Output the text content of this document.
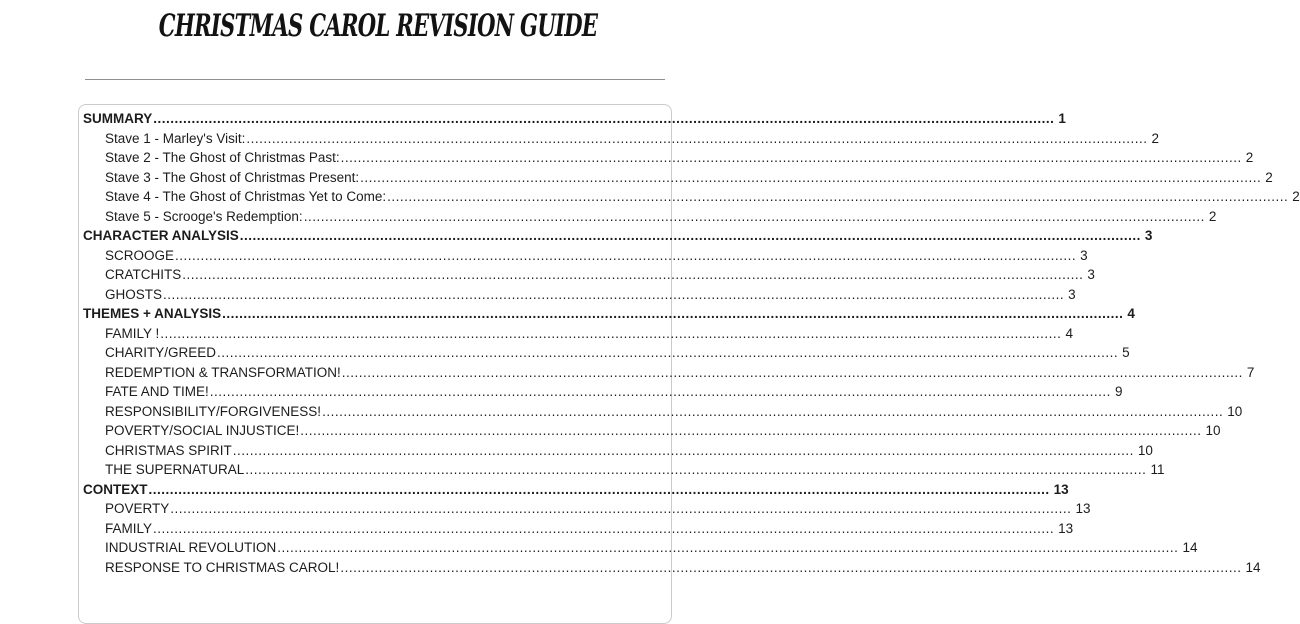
CHRISTMAS CAROL REVISION GUIDE
SUMMARY .....	1
Stave 1 - Marley's Visit: .....	2
Stave 2 - The Ghost of Christmas Past: .....	2
Stave 3 - The Ghost of Christmas Present: .....	2
Stave 4 - The Ghost of Christmas Yet to Come: .....	2
Stave 5 - Scrooge's Redemption: .....	2
CHARACTER ANALYSIS .....	3
SCROOGE .....	3
CRATCHITS .....	3
GHOSTS .....	3
THEMES + ANALYSIS .....	4
FAMILY ! .....	4
CHARITY/GREED .....	5
REDEMPTION & TRANSFORMATION! .....	7
FATE AND TIME! .....	9
RESPONSIBILITY/FORGIVENESS! .....	10
POVERTY/SOCIAL INJUSTICE! .....	10
CHRISTMAS SPIRIT .....	10
THE SUPERNATURAL .....	11
CONTEXT .....	13
POVERTY .....	13
FAMILY .....	13
INDUSTRIAL REVOLUTION .....	14
RESPONSE TO CHRISTMAS CAROL! .....	14
